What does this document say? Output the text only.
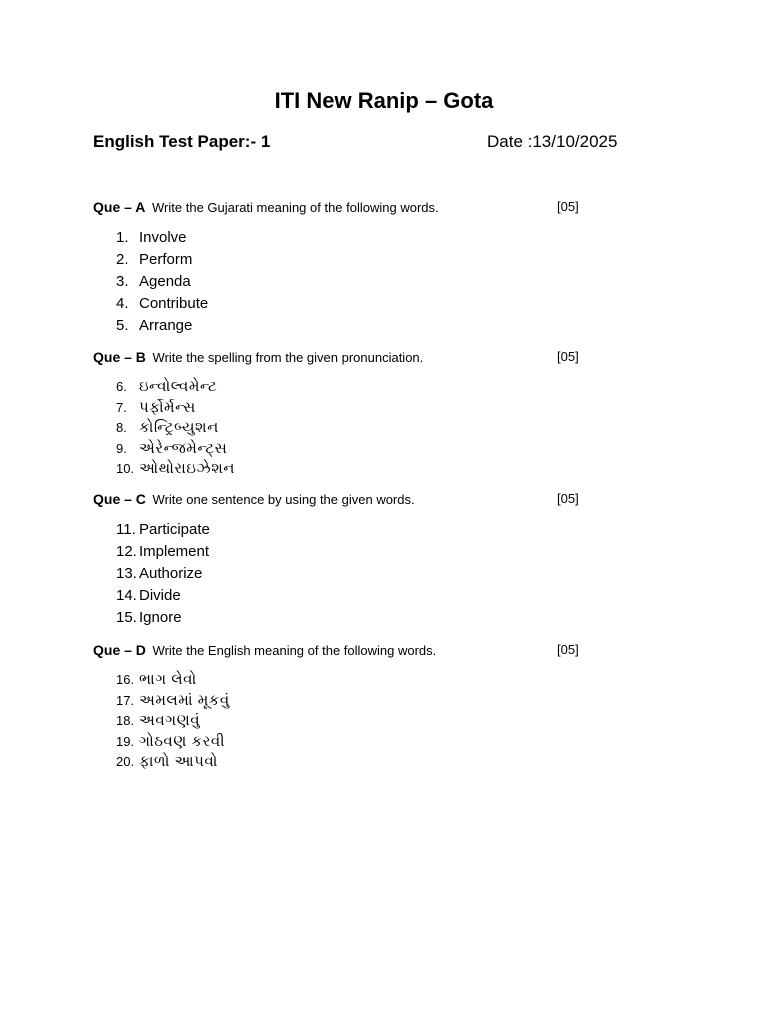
ITI New Ranip – Gota
English Test Paper:- 1	Date :13/10/2025
Que – A Write the Gujarati meaning of the following words.	[05]
1. Involve
2. Perform
3. Agenda
4. Contribute
5. Arrange
Que – B Write the spelling from the given pronunciation.	[05]
6. ઇન્વોલ્વમેન્ટ
7. પર્ફોર્મન્સ
8. કોન્ટ્રિબ્યુશન
9. એરેન્જમેન્ટ્સ
10. ઓથોરાઇઝેશન
Que – C Write one sentence by using the given words.	[05]
11. Participate
12. Implement
13. Authorize
14. Divide
15. Ignore
Que – D Write the English meaning of the following words.	[05]
16. ભાગ લેવો
17. અમલમાં મૂકવું
18. અવગણવું
19. ગોઠવણ કરવી
20. ફાળો આપવો
